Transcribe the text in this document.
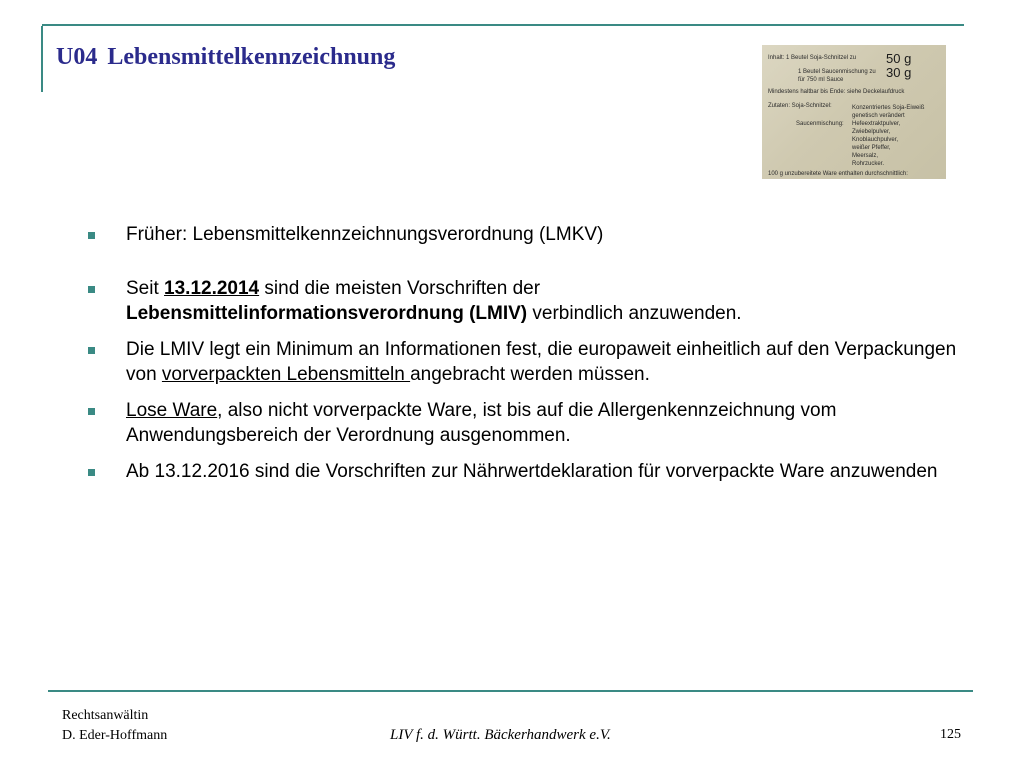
U04 Lebensmittelkennzeichnung	Inhalt: 1 Beutel Soja-Schnitzel zu 50 g
1 Beutel Saucenmischung zu 30 g
für 750 ml Sauce
Mindestens haltbar bis Ende: siehe Deckelaufdruck
Zutaten: Soja-Schnitzel:	Konzentriertes Soja-Eiweiß
genetisch verändert
Saucenmischung: Hefeextraktpulver,
Zwiebelpulver,
Knoblauchpulver,
weißer Pfeffer,
Meersalz,
Rohrzucker.
100 g unzubereitete Ware enthalten durchschnittlich:
Früher: Lebensmittelkennzeichnungsverordnung (LMKV)
Seit 13.12.2014 sind die meisten Vorschriften der
Lebensmittelinformationsverordnung (LMIV) verbindlich anzuwenden.
Die LMIV legt ein Minimum an Informationen fest, die europaweit einheitlich auf den Verpackungen von vorverpackten Lebensmitteln angebracht werden müssen.
Lose Ware, also nicht vorverpackte Ware, ist bis auf die Allergenkennzeichnung vom Anwendungsbereich der Verordnung ausgenommen.
Ab 13.12.2016 sind die Vorschriften zur Nährwertdeklaration für vorverpackte Ware anzuwenden
Rechtsanwältin
D. Eder-Hoffmann	LIV f. d. Württ. Bäckerhandwerk e.V.	125
